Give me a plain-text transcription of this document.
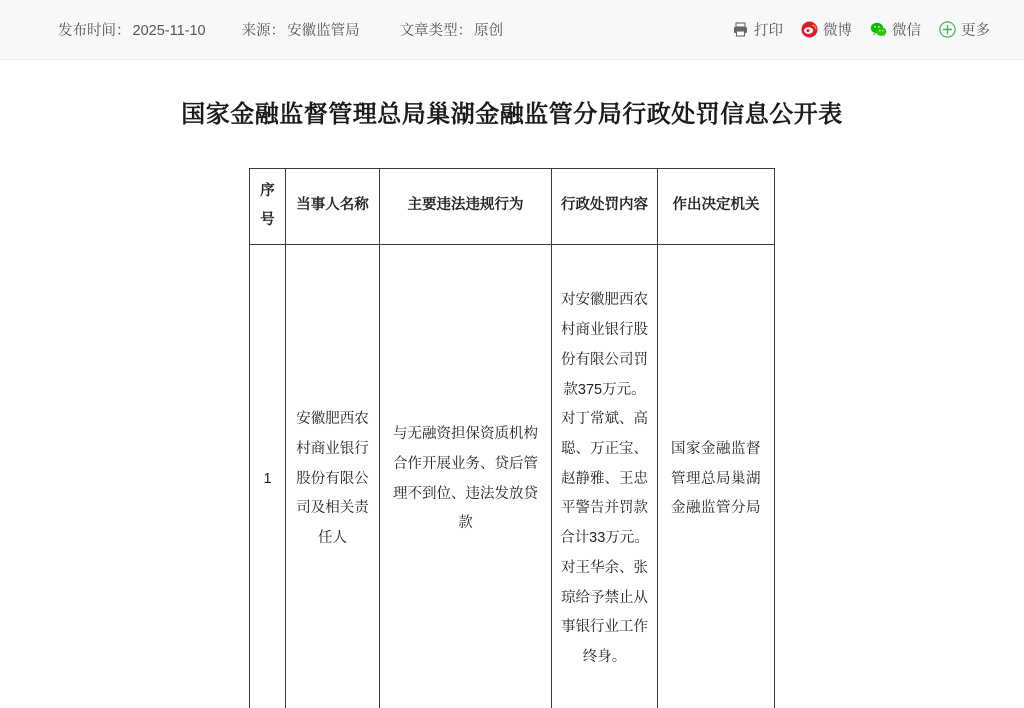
发布时间： 2025-11-10 来源： 安徽监管局	文章类型： 原创	打印	微博	微信	更多
国家金融监督管理总局巢湖金融监管分局行政处罚信息公开表
序号	当事人名称	主要违法违规行为	行政处罚内容	作出决定机关
1	安徽肥西农村商业银行股份有限公司及相关责任人	与无融资担保资质机构合作开展业务、贷后管理不到位、违法发放贷款	对安徽肥西农村商业银行股份有限公司罚款375万元。对丁常斌、高聪、万正宝、赵静雅、王忠平警告并罚款合计33万元。对王华余、张琼给予禁止从事银行业工作终身。	国家金融监督管理总局巢湖金融监管分局
